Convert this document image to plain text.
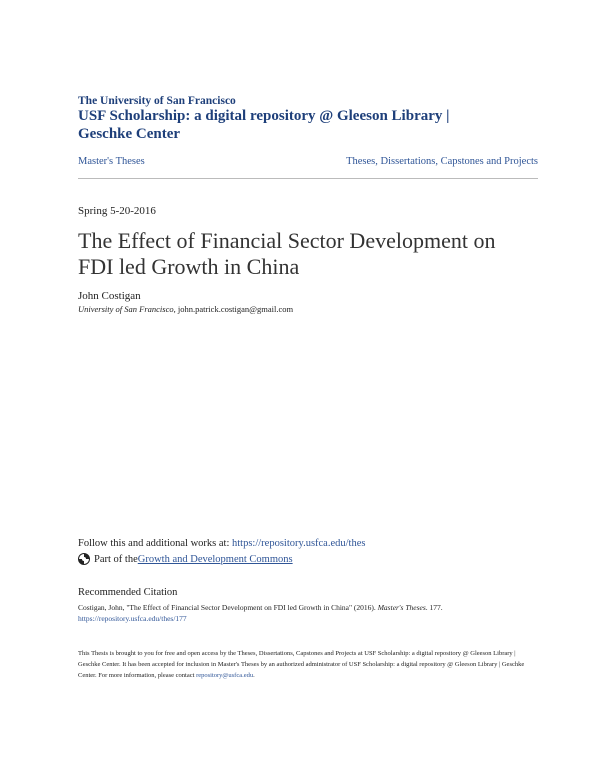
The University of San Francisco
USF Scholarship: a digital repository @ Gleeson Library |
Geschke Center
Master's Theses	Theses, Dissertations, Capstones and Projects
Spring 5-20-2016
The Effect of Financial Sector Development on FDI led Growth in China
John Costigan
University of San Francisco, john.patrick.costigan@gmail.com
Follow this and additional works at: https://repository.usfca.edu/thes
Part of the Growth and Development Commons
Recommended Citation
Costigan, John, "The Effect of Financial Sector Development on FDI led Growth in China" (2016). Master's Theses. 177.
https://repository.usfca.edu/thes/177
This Thesis is brought to you for free and open access by the Theses, Dissertations, Capstones and Projects at USF Scholarship: a digital repository @ Gleeson Library | Geschke Center. It has been accepted for inclusion in Master's Theses by an authorized administrator of USF Scholarship: a digital repository @ Gleeson Library | Geschke Center. For more information, please contact repository@usfca.edu.
